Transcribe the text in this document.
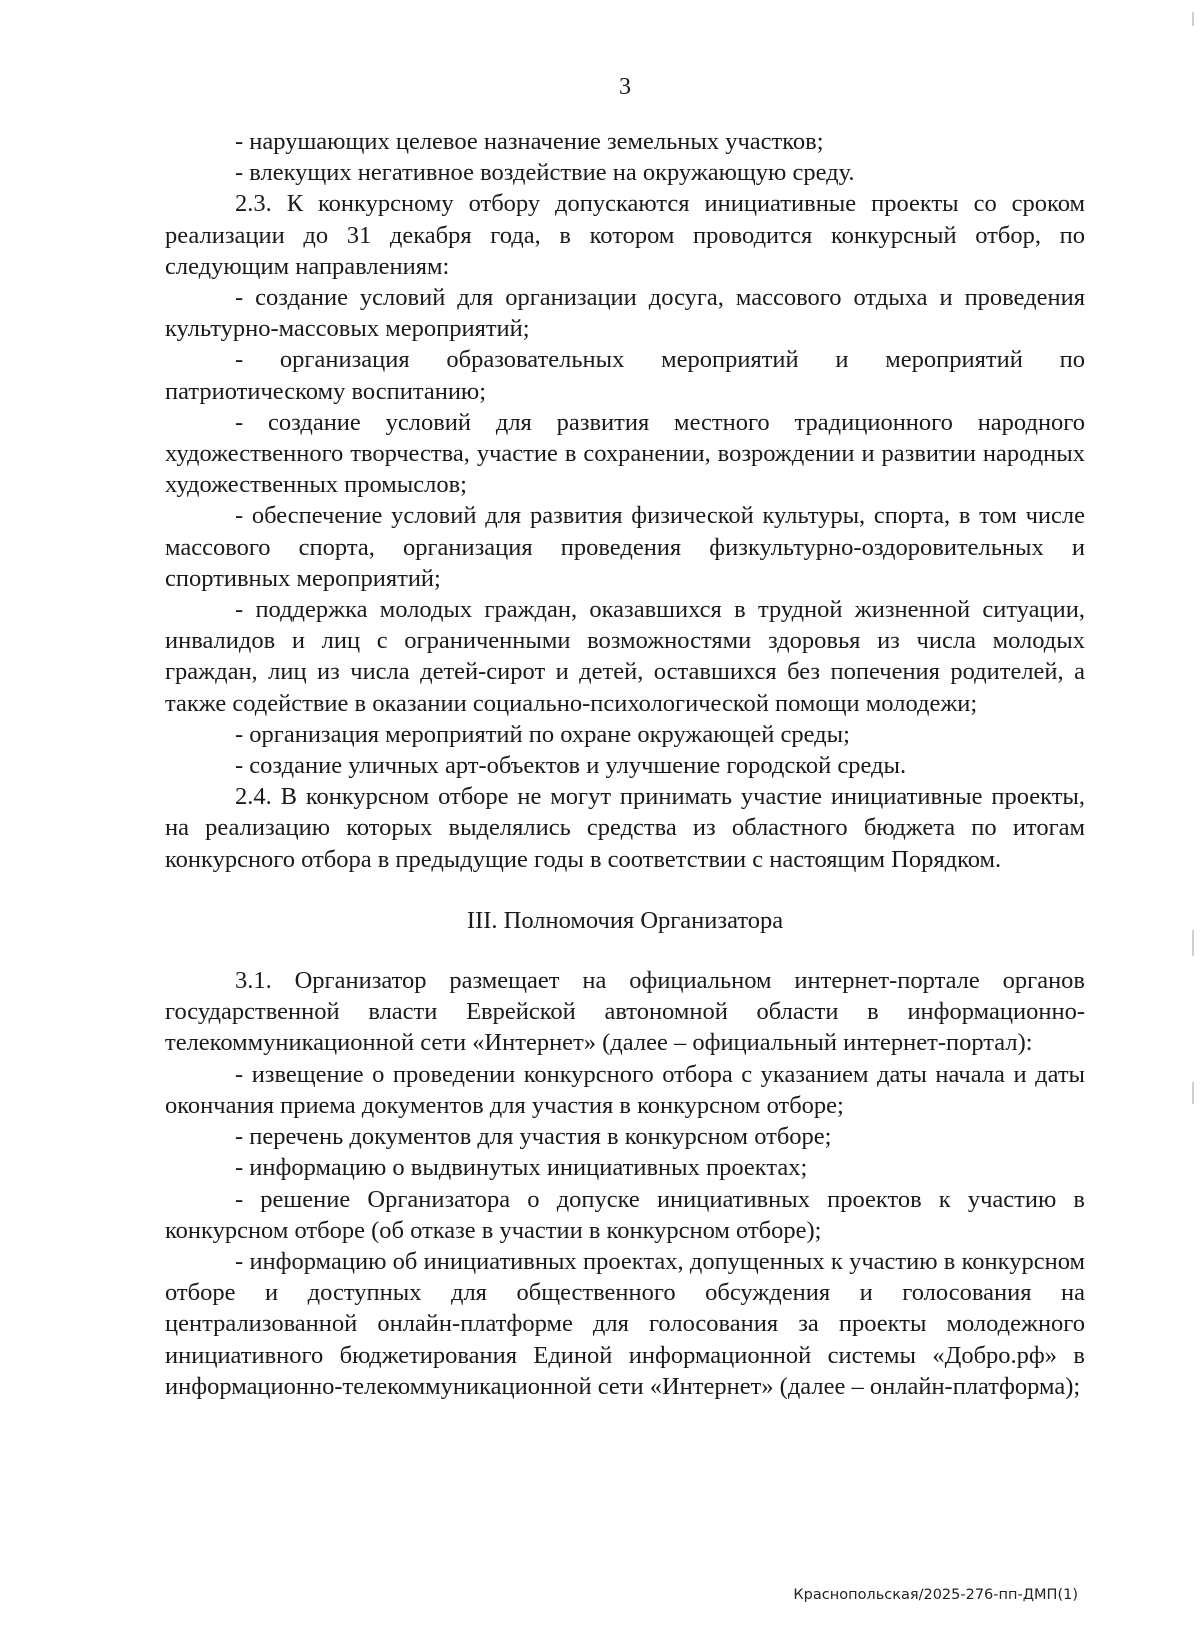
3

- нарушающих целевое назначение земельных участков;

- влекущих негативное воздействие на окружающую среду.

2.3. К конкурсному отбору допускаются инициативные проекты со сроком реализации до 31 декабря года, в котором проводится конкурсный отбор, по следующим направлениям:

- создание условий для организации досуга, массового отдыха и проведения культурно-массовых мероприятий;

- организация образовательных мероприятий и мероприятий по патриотическому воспитанию;

- создание условий для развития местного традиционного народного художественного творчества, участие в сохранении, возрождении и развитии народных художественных промыслов;

- обеспечение условий для развития физической культуры, спорта, в том числе массового спорта, организация проведения физкультурно-оздоровительных и спортивных мероприятий;

- поддержка молодых граждан, оказавшихся в трудной жизненной ситуации, инвалидов и лиц с ограниченными возможностями здоровья из числа молодых граждан, лиц из числа детей-сирот и детей, оставшихся без попечения родителей, а также содействие в оказании социально-психологической помощи молодежи;

- организация мероприятий по охране окружающей среды;

- создание уличных арт-объектов и улучшение городской среды.

2.4. В конкурсном отборе не могут принимать участие инициативные проекты, на реализацию которых выделялись средства из областного бюджета по итогам конкурсного отбора в предыдущие годы в соответствии с настоящим Порядком.

III. Полномочия Организатора

3.1. Организатор размещает на официальном интернет-портале органов государственной власти Еврейской автономной области в информационно-телекоммуникационной сети «Интернет» (далее – официальный интернет-портал):

- извещение о проведении конкурсного отбора с указанием даты начала и даты окончания приема документов для участия в конкурсном отборе;

- перечень документов для участия в конкурсном отборе;

- информацию о выдвинутых инициативных проектах;

- решение Организатора о допуске инициативных проектов к участию в конкурсном отборе (об отказе в участии в конкурсном отборе);

- информацию об инициативных проектах, допущенных к участию в конкурсном отборе и доступных для общественного обсуждения и голосования на централизованной онлайн-платформе для голосования за проекты молодежного инициативного бюджетирования Единой информационной системы «Добро.рф» в информационно-телекоммуникационной сети «Интернет» (далее – онлайн-платформа);

Краснопольская/2025-276-пп-ДМП(1)
